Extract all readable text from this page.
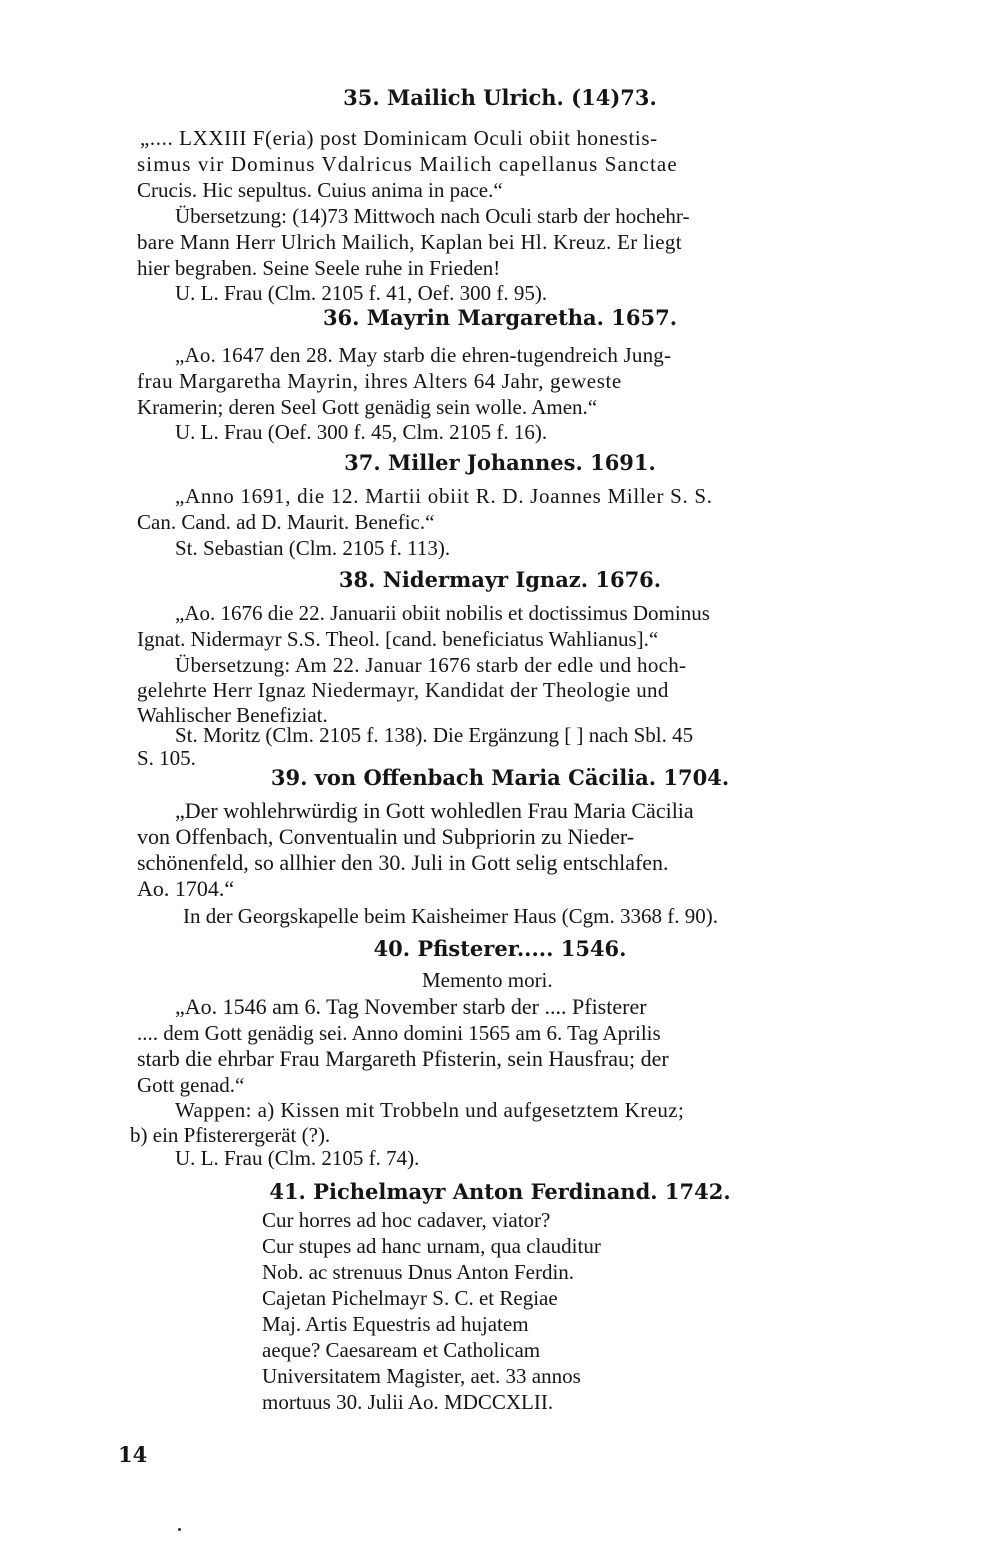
35. Mailich Ulrich. (14)73.

„.... LXXIII F(eria) post Dominicam Oculi obiit honestis-

simus vir Dominus Vdalricus Mailich capellanus Sanctae

Crucis. Hic sepultus. Cuius anima in pace.“

Übersetzung: (14)73 Mittwoch nach Oculi starb der hochehr-

bare Mann Herr Ulrich Mailich, Kaplan bei Hl. Kreuz. Er liegt

hier begraben. Seine Seele ruhe in Frieden!

U. L. Frau (Clm. 2105 f. 41, Oef. 300 f. 95).

36. Mayrin Margaretha. 1657.

„Ao. 1647 den 28. May starb die ehren-tugendreich Jung-

frau Margaretha Mayrin, ihres Alters 64 Jahr, geweste

Kramerin; deren Seel Gott genädig sein wolle. Amen.“

U. L. Frau (Oef. 300 f. 45, Clm. 2105 f. 16).

37. Miller Johannes. 1691.

„Anno 1691, die 12. Martii obiit R. D. Joannes Miller S. S.

Can. Cand. ad D. Maurit. Benefic.“

St. Sebastian (Clm. 2105 f. 113).

38. Nidermayr Ignaz. 1676.

„Ao. 1676 die 22. Januarii obiit nobilis et doctissimus Dominus

Ignat. Nidermayr S.S. Theol. [cand. beneficiatus Wahlianus].“

Übersetzung: Am 22. Januar 1676 starb der edle und hoch-

gelehrte Herr Ignaz Niedermayr, Kandidat der Theologie und

Wahlischer Benefiziat.

St. Moritz (Clm. 2105 f. 138). Die Ergänzung [ ] nach Sbl. 45

S. 105.

39. von Offenbach Maria Cäcilia. 1704.

„Der wohlehrwürdig in Gott wohledlen Frau Maria Cäcilia

von Offenbach, Conventualin und Subpriorin zu Nieder-

schönenfeld, so allhier den 30. Juli in Gott selig entschlafen.

Ao. 1704.“

In der Georgskapelle beim Kaisheimer Haus (Cgm. 3368 f. 90).

40. Pfisterer..... 1546.

Memento mori.

„Ao. 1546 am 6. Tag November starb der .... Pfisterer

.... dem Gott genädig sei. Anno domini 1565 am 6. Tag Aprilis

starb die ehrbar Frau Margareth Pfisterin, sein Hausfrau; der

Gott genad.“

Wappen: a) Kissen mit Trobbeln und aufgesetztem Kreuz;

b) ein Pfisterergerät (?).

U. L. Frau (Clm. 2105 f. 74).

41. Pichelmayr Anton Ferdinand. 1742.

Cur horres ad hoc cadaver, viator?

Cur stupes ad hanc urnam, qua clauditur

Nob. ac strenuus Dnus Anton Ferdin.

Cajetan Pichelmayr S. C. et Regiae

Maj. Artis Equestris ad hujatem

aeque? Caesaream et Catholicam

Universitatem Magister, aet. 33 annos

mortuus 30. Julii Ao. MDCCXLII.

14
